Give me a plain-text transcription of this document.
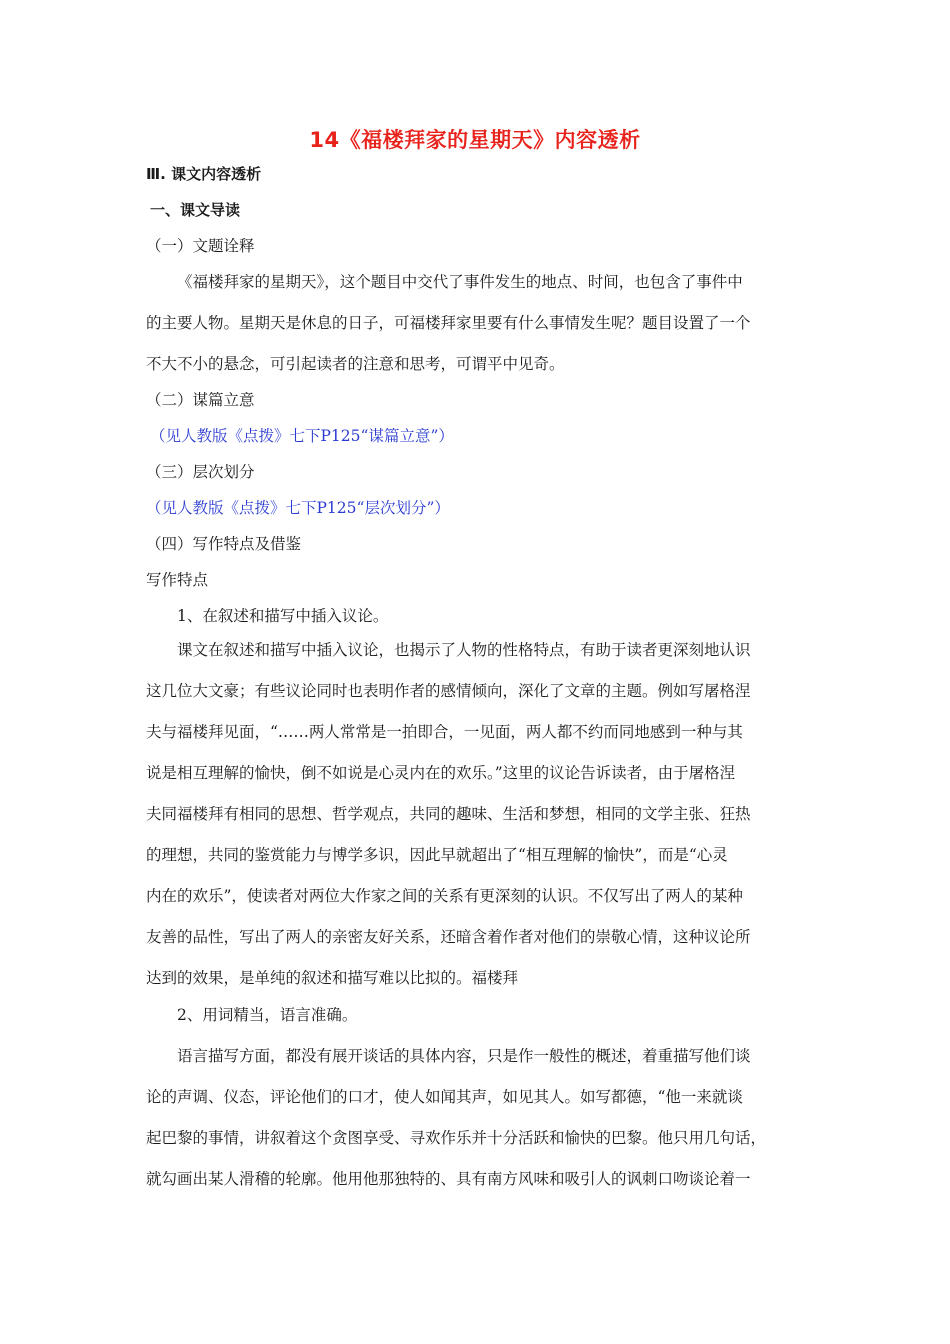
14《福楼拜家的星期天》内容透析
Ⅲ. 课文内容透析
一、课文导读
（一）文题诠释
《福楼拜家的星期天》，这个题目中交代了事件发生的地点、时间，也包含了事件中
的主要人物。星期天是休息的日子，可福楼拜家里要有什么事情发生呢？题目设置了一个
不大不小的悬念，可引起读者的注意和思考，可谓平中见奇。
（二）谋篇立意
（见人教版《点拨》七下P125“谋篇立意”）
（三）层次划分
（见人教版《点拨》七下P125“层次划分”）
（四）写作特点及借鉴
写作特点
1、在叙述和描写中插入议论。
课文在叙述和描写中插入议论，也揭示了人物的性格特点，有助于读者更深刻地认识
这几位大文豪；有些议论同时也表明作者的感情倾向，深化了文章的主题。例如写屠格涅
夫与福楼拜见面，“……两人常常是一拍即合，一见面，两人都不约而同地感到一种与其
说是相互理解的愉快，倒不如说是心灵内在的欢乐。”这里的议论告诉读者，由于屠格涅
夫同福楼拜有相同的思想、哲学观点，共同的趣味、生活和梦想，相同的文学主张、狂热
的理想，共同的鉴赏能力与博学多识，因此早就超出了“相互理解的愉快”，而是“心灵
内在的欢乐”，使读者对两位大作家之间的关系有更深刻的认识。不仅写出了两人的某种
友善的品性，写出了两人的亲密友好关系，还暗含着作者对他们的崇敬心情，这种议论所
达到的效果，是单纯的叙述和描写难以比拟的。福楼拜
2、用词精当，语言准确。
语言描写方面，都没有展开谈话的具体内容，只是作一般性的概述，着重描写他们谈
论的声调、仪态，评论他们的口才，使人如闻其声，如见其人。如写都德，“他一来就谈
起巴黎的事情，讲叙着这个贪图享受、寻欢作乐并十分活跃和愉快的巴黎。他只用几句话，
就勾画出某人滑稽的轮廓。他用他那独特的、具有南方风味和吸引人的讽刺口吻谈论着一
